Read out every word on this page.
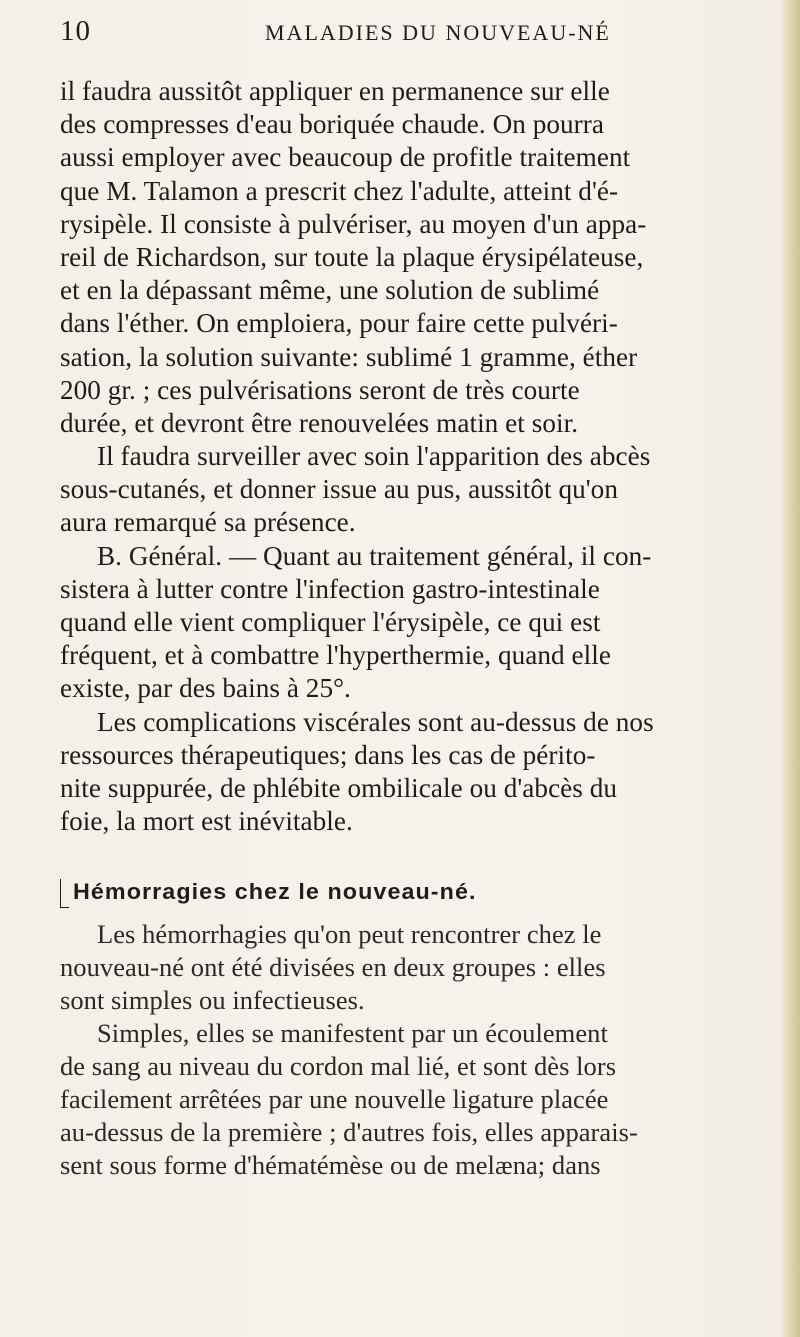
10	MALADIES DU NOUVEAU-NÉ
il faudra aussitôt appliquer en permanence sur elle
des compresses d'eau boriquée chaude. On pourra
aussi employer avec beaucoup de profitle traitement
que M. Talamon a prescrit chez l'adulte, atteint d'é-
rysipèle. Il consiste à pulvériser, au moyen d'un appa-
reil de Richardson, sur toute la plaque érysipélateuse,
et en la dépassant même, une solution de sublimé
dans l'éther. On emploiera, pour faire cette pulvéri-
sation, la solution suivante: sublimé 1 gramme, éther
200 gr. ; ces pulvérisations seront de très courte
durée, et devront être renouvelées matin et soir.
Il faudra surveiller avec soin l'apparition des abcès
sous-cutanés, et donner issue au pus, aussitôt qu'on
aura remarqué sa présence.
B. Général. — Quant au traitement général, il con-
sistera à lutter contre l'infection gastro-intestinale
quand elle vient compliquer l'érysipèle, ce qui est
fréquent, et à combattre l'hyperthermie, quand elle
existe, par des bains à 25°.
Les complications viscérales sont au-dessus de nos
ressources thérapeutiques; dans les cas de périto-
nite suppurée, de phlébite ombilicale ou d'abcès du
foie, la mort est inévitable.
Hémorragies chez le nouveau-né.
Les hémorrhagies qu'on peut rencontrer chez le
nouveau-né ont été divisées en deux groupes : elles
sont simples ou infectieuses.
Simples, elles se manifestent par un écoulement
de sang au niveau du cordon mal lié, et sont dès lors
facilement arrêtées par une nouvelle ligature placée
au-dessus de la première ; d'autres fois, elles apparais-
sent sous forme d'hématémèse ou de melæna; dans
